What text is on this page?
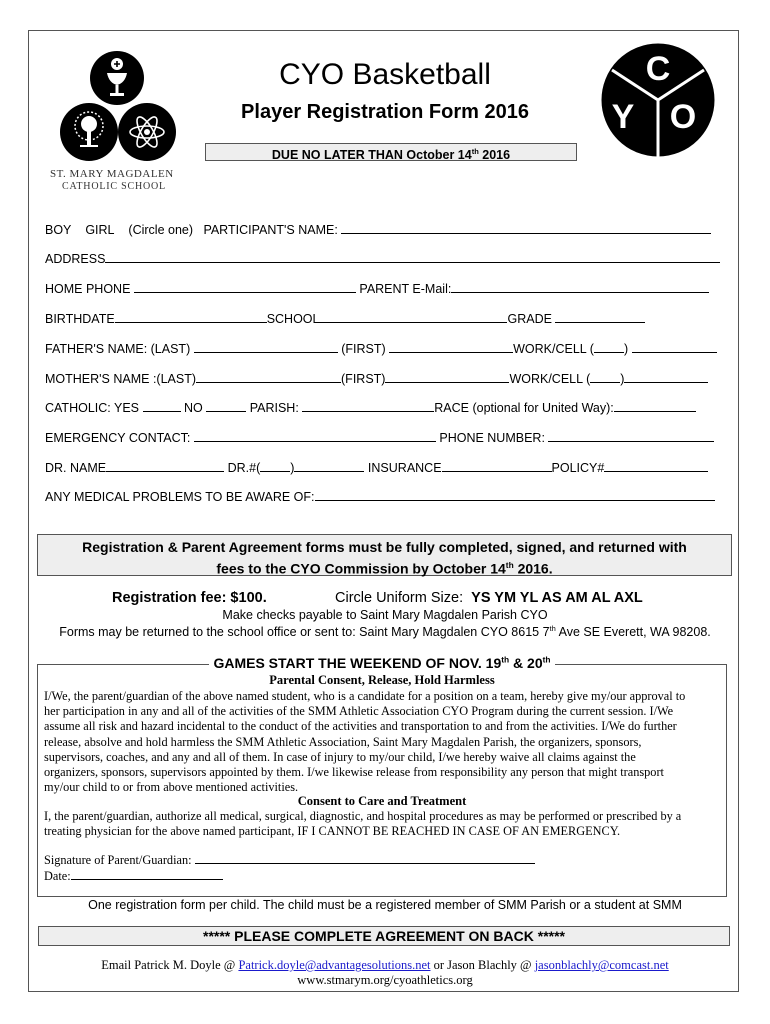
ST. MARY MAGDALEN
CATHOLIC SCHOOL
C
Y O
CYO Basketball
Player Registration Form 2016
DUE NO LATER THAN October 14th 2016
BOY GIRL (Circle one) PARTICIPANT'S NAME:
ADDRESS
HOME PHONE	PARENT E-Mail:
BIRTHDATE	SCHOOL	GRADE
FATHER'S NAME: (LAST)	(FIRST)	WORK/CELL ( )
MOTHER'S NAME :(LAST)	(FIRST)	WORK/CELL ( )
CATHOLIC: YES	NO	PARISH:	RACE (optional for United Way):
EMERGENCY CONTACT:	PHONE NUMBER:
DR. NAME	DR.#( )	INSURANCE	POLICY#
ANY MEDICAL PROBLEMS TO BE AWARE OF:
Registration & Parent Agreement forms must be fully completed, signed, and returned with
fees to the CYO Commission by October 14th 2016.
Registration fee: $100.	Circle Uniform Size: YS YM YL AS AM AL AXL
Make checks payable to Saint Mary Magdalen Parish CYO
Forms may be returned to the school office or sent to: Saint Mary Magdalen CYO 8615 7th Ave SE Everett, WA 98208.
GAMES START THE WEEKEND OF NOV. 19th & 20th
Parental Consent, Release, Hold Harmless
I/We, the parent/guardian of the above named student, who is a candidate for a position on a team, hereby give my/our approval to
her participation in any and all of the activities of the SMM Athletic Association CYO Program during the current session. I/We
assume all risk and hazard incidental to the conduct of the activities and transportation to and from the activities. I/We do further
release, absolve and hold harmless the SMM Athletic Association, Saint Mary Magdalen Parish, the organizers, sponsors,
supervisors, coaches, and any and all of them. In case of injury to my/our child, I/we hereby waive all claims against the
organizers, sponsors, supervisors appointed by them. I/we likewise release from responsibility any person that might transport
my/our child to or from above mentioned activities.
Consent to Care and Treatment
I, the parent/guardian, authorize all medical, surgical, diagnostic, and hospital procedures as may be performed or prescribed by a
treating physician for the above named participant, IF I CANNOT BE REACHED IN CASE OF AN EMERGENCY.
Signature of Parent/Guardian:
Date:
One registration form per child. The child must be a registered member of SMM Parish or a student at SMM
***** PLEASE COMPLETE AGREEMENT ON BACK *****
Email Patrick M. Doyle @ Patrick.doyle@advantagesolutions.net or Jason Blachly @ jasonblachly@comcast.net
www.stmarym.org/cyoathletics.org
